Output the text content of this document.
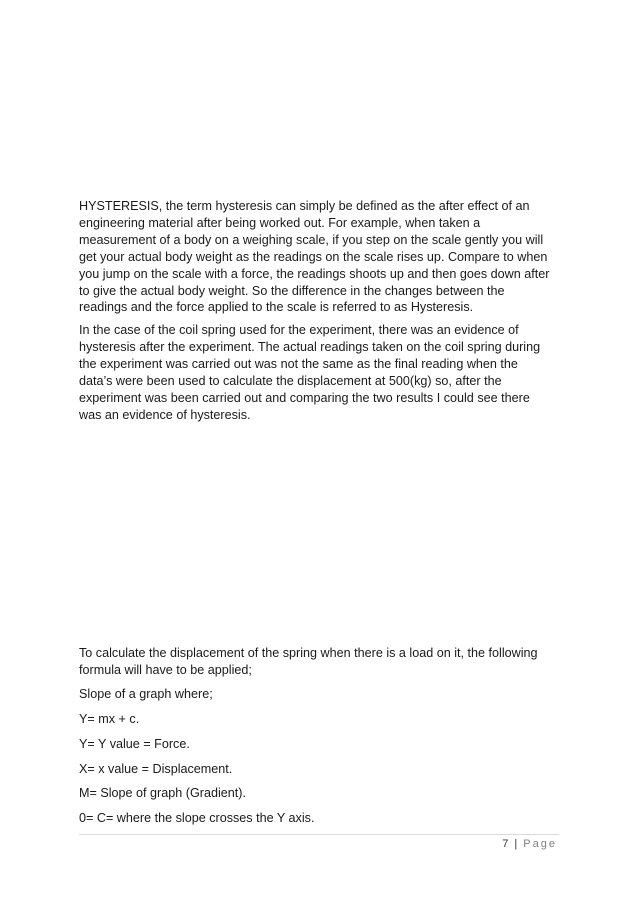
HYSTERESIS, the term hysteresis can simply be defined as the after effect of an
engineering material after being worked out. For example, when taken a
measurement of a body on a weighing scale, if you step on the scale gently you will
get your actual body weight as the readings on the scale rises up. Compare to when
you jump on the scale with a force, the readings shoots up and then goes down after
to give the actual body weight. So the difference in the changes between the
readings and the force applied to the scale is referred to as Hysteresis.

In the case of the coil spring used for the experiment, there was an evidence of
hysteresis after the experiment. The actual readings taken on the coil spring during
the experiment was carried out was not the same as the final reading when the
data’s were been used to calculate the displacement at 500(kg) so, after the
experiment was been carried out and comparing the two results I could see there
was an evidence of hysteresis.

To calculate the displacement of the spring when there is a load on it, the following
formula will have to be applied;

Slope of a graph where;

Y= mx + c.

Y= Y value = Force.

X= x value = Displacement.

M= Slope of graph (Gradient).

0= C= where the slope crosses the Y axis.

7 | Page
